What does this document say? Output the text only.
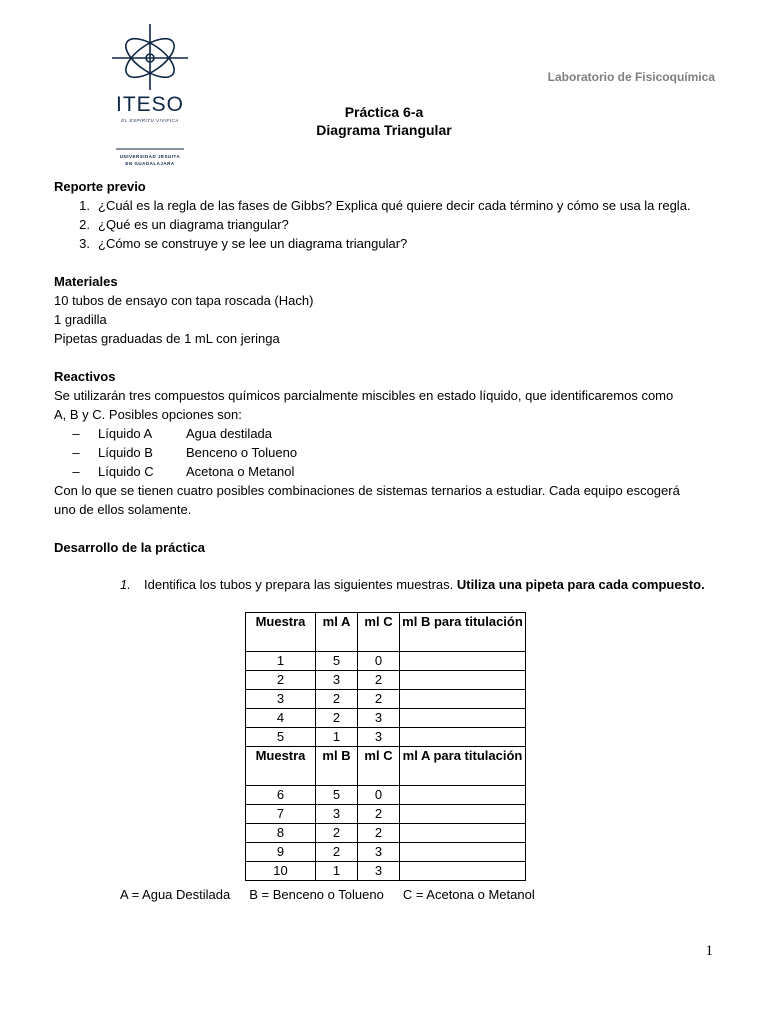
ITESO
EL ESPÍRITU VIVIFICA
UNIVERSIDAD JESUITA
EN GUADALAJARA
Laboratorio de Fisicoquímica
Práctica 6-a
Diagrama Triangular
Reporte previo
1. ¿Cuál es la regla de las fases de Gibbs? Explica qué quiere decir cada término y cómo se usa la regla.
2. ¿Qué es un diagrama triangular?
3. ¿Cómo se construye y se lee un diagrama triangular?
Materiales
10 tubos de ensayo con tapa roscada (Hach)
1 gradilla
Pipetas graduadas de 1 mL con jeringa
Reactivos
Se utilizarán tres compuestos químicos parcialmente miscibles en estado líquido, que identificaremos como
A, B y C. Posibles opciones son:
–	Líquido A	Agua destilada
–	Líquido B	Benceno o Tolueno
–	Líquido C	Acetona o Metanol
Con lo que se tienen cuatro posibles combinaciones de sistemas ternarios a estudiar. Cada equipo escogerá
uno de ellos solamente.
Desarrollo de la práctica
1. Identifica los tubos y prepara las siguientes muestras. Utiliza una pipeta para cada compuesto.
Muestra	ml A	ml C	ml B para titulación
1	5	0	
2	3	2	
3	2	2	
4	2	3	
5	1	3	
Muestra	ml B	ml C	ml A para titulación
6	5	0	
7	3	2	
8	2	2	
9	2	3	
10	1	3	
A = Agua Destilada B = Benceno o Tolueno C = Acetona o Metanol
1
